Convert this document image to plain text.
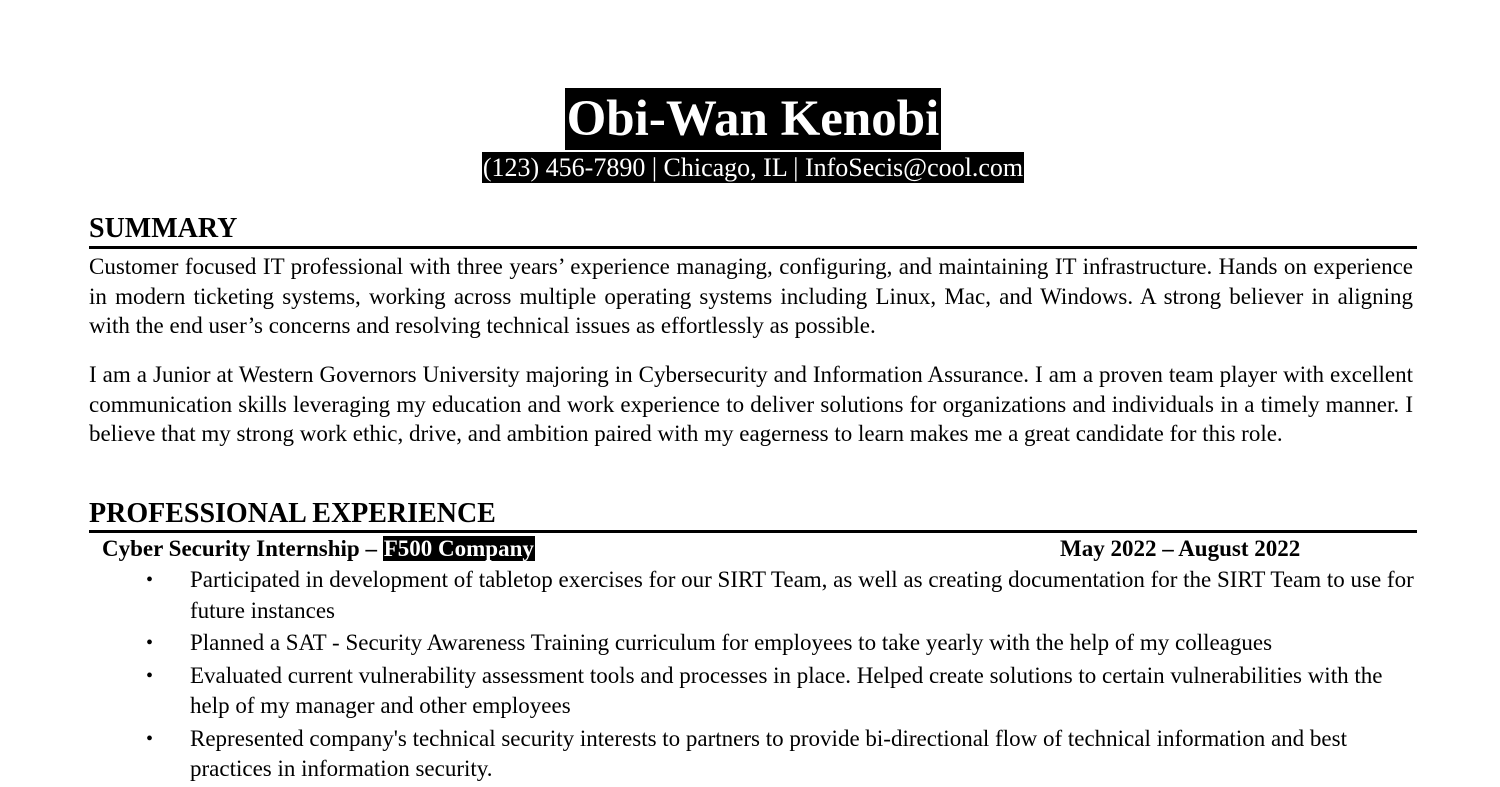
Obi-Wan Kenobi
(123) 456-7890 | Chicago, IL | InfoSecis@cool.com
SUMMARY
Customer focused IT professional with three years’ experience managing, configuring, and maintaining IT infrastructure. Hands on experience in modern ticketing systems, working across multiple operating systems including Linux, Mac, and Windows. A strong believer in aligning with the end user’s concerns and resolving technical issues as effortlessly as possible.
I am a Junior at Western Governors University majoring in Cybersecurity and Information Assurance. I am a proven team player with excellent communication skills leveraging my education and work experience to deliver solutions for organizations and individuals in a timely manner. I believe that my strong work ethic, drive, and ambition paired with my eagerness to learn makes me a great candidate for this role.
PROFESSIONAL EXPERIENCE
Cyber Security Internship – F500 Company	May 2022 – August 2022
• Participated in development of tabletop exercises for our SIRT Team, as well as creating documentation for the SIRT Team to use for future instances
• Planned a SAT - Security Awareness Training curriculum for employees to take yearly with the help of my colleagues
• Evaluated current vulnerability assessment tools and processes in place. Helped create solutions to certain vulnerabilities with the help of my manager and other employees
• Represented company's technical security interests to partners to provide bi-directional flow of technical information and best practices in information security.
